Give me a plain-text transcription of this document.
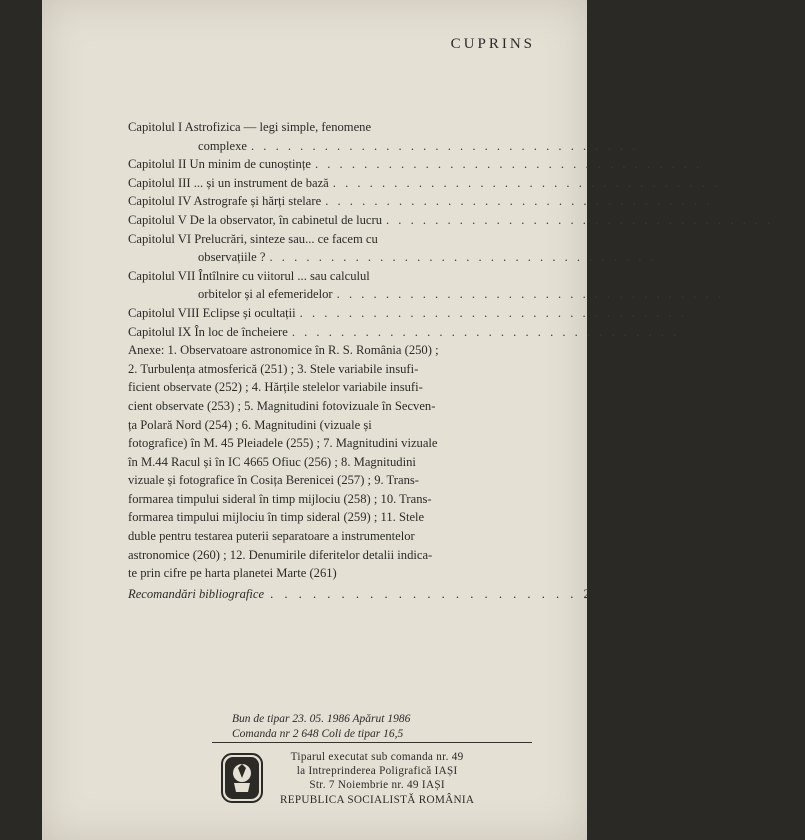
CUPRINS
Capitolul I Astrofizica — legi simple, fenomene
complexe . . . . . . . . . . . . . . . . . . . . . . . . . . . . . . . .	5
Capitolul II Un minim de cunoștințe . . . . . . . . . . . . . . . . . . . . . . . . . . . . . . . .	15
Capitolul III ... și un instrument de bază . . . . . . . . . . . . . . . . . . . . . . . . . . . . . . . .	41
Capitolul IV Astrografe și hărți stelare . . . . . . . . . . . . . . . . . . . . . . . . . . . . . . . .	85
Capitolul V De la observator, în cabinetul de lucru . . . . . . . . . . . . . . . . . . . . . . . . . . . . . . . .	101
Capitolul VI Prelucrări, sinteze sau... ce facem cu
observațiile ? . . . . . . . . . . . . . . . . . . . . . . . . . . . . . . . .	130
Capitolul VII Întîlnire cu viitorul ... sau calculul
orbitelor și al efemeridelor . . . . . . . . . . . . . . . . . . . . . . . . . . . . . . . .	173
Capitolul VIII Eclipse și ocultații . . . . . . . . . . . . . . . . . . . . . . . . . . . . . . . .	195
Capitolul IX În loc de încheiere . . . . . . . . . . . . . . . . . . . . . . . . . . . . . . . .	245
Anexe: 1. Observatoare astronomice în R. S. România (250) ;
2. Turbulența atmosferică (251) ; 3. Stele variabile insufi-
ficient observate (252) ; 4. Hărțile stelelor variabile insufi-
cient observate (253) ; 5. Magnitudini fotovizuale în Secven-
ța Polară Nord (254) ; 6. Magnitudini (vizuale și
fotografice) în M. 45 Pleiadele (255) ; 7. Magnitudini vizuale
în M.44 Racul și în IC 4665 Ofiuc (256) ; 8. Magnitudini
vizuale și fotografice în Cosița Berenicei (257) ; 9. Trans-
formarea timpului sideral în timp mijlociu (258) ; 10. Trans-
formarea timpului mijlociu în timp sideral (259) ; 11. Stele
duble pentru testarea puterii separatoare a instrumentelor
astronomice (260) ; 12. Denumirile diferitelor detalii indica-
te prin cifre pe harta planetei Marte (261)
Recomandări bibliografice . . . . . . . . . . . . . . . . . . . . . . 262
Bun de tipar 23. 05. 1986 Apărut 1986
Comanda nr 2 648 Coli de tipar 16,5
Tiparul executat sub comanda nr. 49
la Intreprinderea Poligrafică IAȘI
Str. 7 Noiembrie nr. 49 IAȘI
REPUBLICA SOCIALISTĂ ROMÂNIA
